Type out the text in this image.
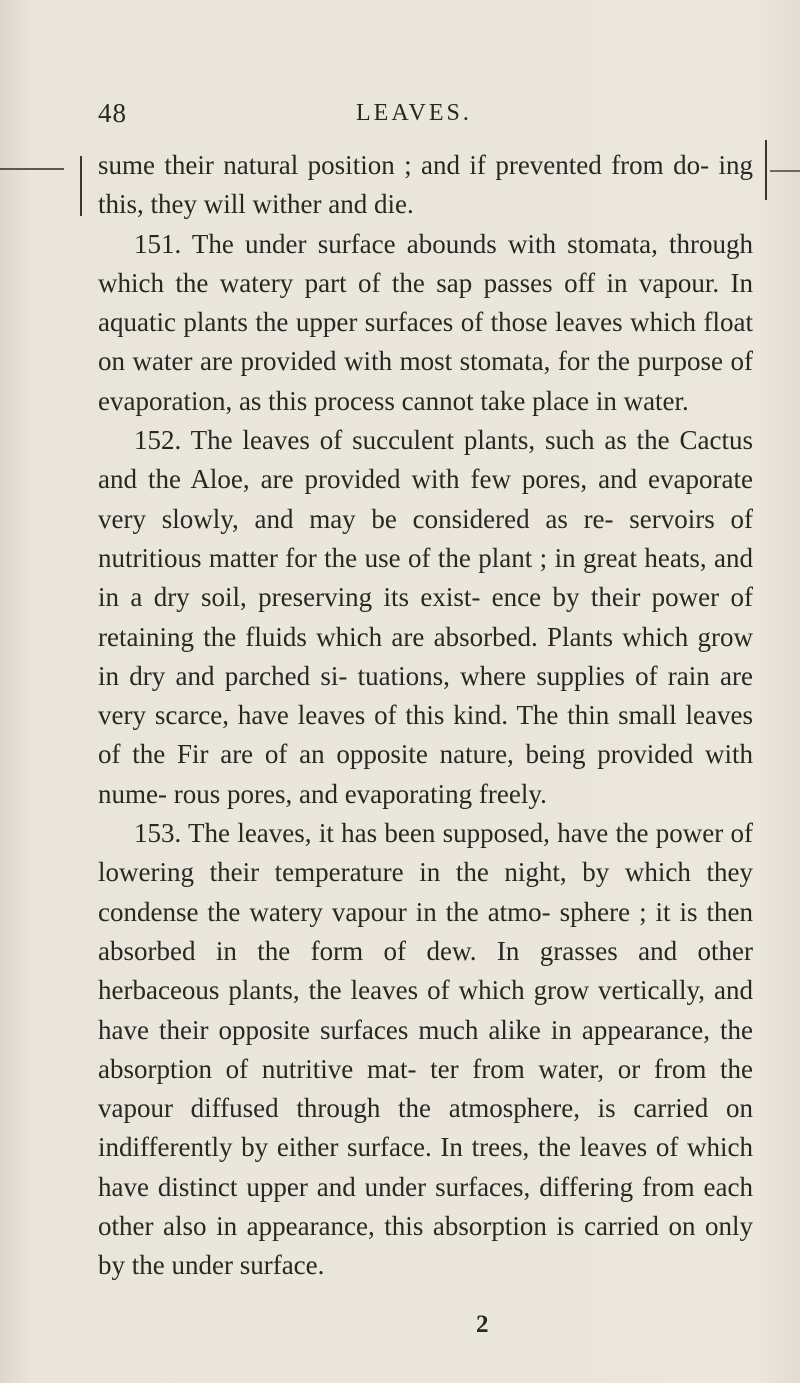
48	LEAVES.

sume their natural position ; and if prevented from do- ing this, they will wither and die.

151. The under surface abounds with stomata, through which the watery part of the sap passes off in vapour. In aquatic plants the upper surfaces of those leaves which float on water are provided with most stomata, for the purpose of evaporation, as this process cannot take place in water.

152. The leaves of succulent plants, such as the Cactus and the Aloe, are provided with few pores, and evaporate very slowly, and may be considered as re- servoirs of nutritious matter for the use of the plant ; in great heats, and in a dry soil, preserving its exist- ence by their power of retaining the fluids which are absorbed. Plants which grow in dry and parched si- tuations, where supplies of rain are very scarce, have leaves of this kind. The thin small leaves of the Fir are of an opposite nature, being provided with nume- rous pores, and evaporating freely.

153. The leaves, it has been supposed, have the power of lowering their temperature in the night, by which they condense the watery vapour in the atmo- sphere ; it is then absorbed in the form of dew. In grasses and other herbaceous plants, the leaves of which grow vertically, and have their opposite surfaces much alike in appearance, the absorption of nutritive mat- ter from water, or from the vapour diffused through the atmosphere, is carried on indifferently by either surface. In trees, the leaves of which have distinct upper and under surfaces, differing from each other also in appearance, this absorption is carried on only by the under surface.

2
